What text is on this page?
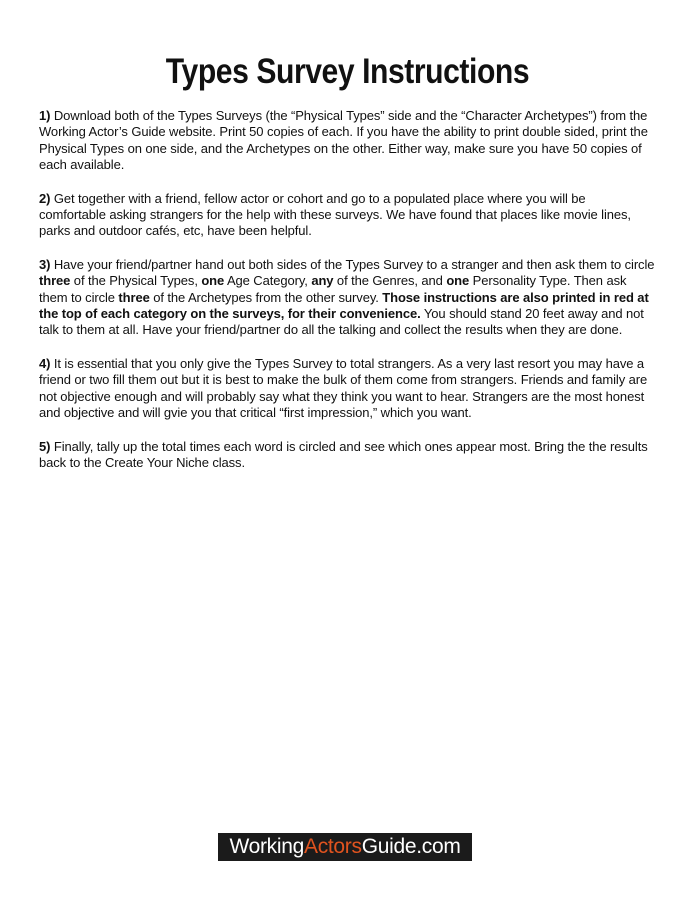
Types Survey Instructions

1) Download both of the Types Surveys (the “Physical Types” side and the “Character Archetypes”) from the Working Actor’s Guide website. Print 50 copies of each. If you have the ability to print double sided, print the Physical Types on one side, and the Archetypes on the other. Either way, make sure you have 50 copies of each available.

2) Get together with a friend, fellow actor or cohort and go to a populated place where you will be comfortable asking strangers for the help with these surveys. We have found that places like movie lines, parks and outdoor cafés, etc, have been helpful.

3) Have your friend/partner hand out both sides of the Types Survey to a stranger and then ask them to circle three of the Physical Types, one Age Category, any of the Genres, and one Personality Type. Then ask them to circle three of the Archetypes from the other survey. Those instructions are also printed in red at the top of each category on the surveys, for their convenience. You should stand 20 feet away and not talk to them at all. Have your friend/partner do all the talking and collect the results when they are done.

4) It is essential that you only give the Types Survey to total strangers. As a very last resort you may have a friend or two fill them out but it is best to make the bulk of them come from strangers. Friends and family are not objective enough and will probably say what they think you want to hear. Strangers are the most honest and objective and will gvie you that critical “first impression,” which you want.

5) Finally, tally up the total times each word is circled and see which ones appear most. Bring the the results back to the Create Your Niche class.

WorkingActorsGuide.com
